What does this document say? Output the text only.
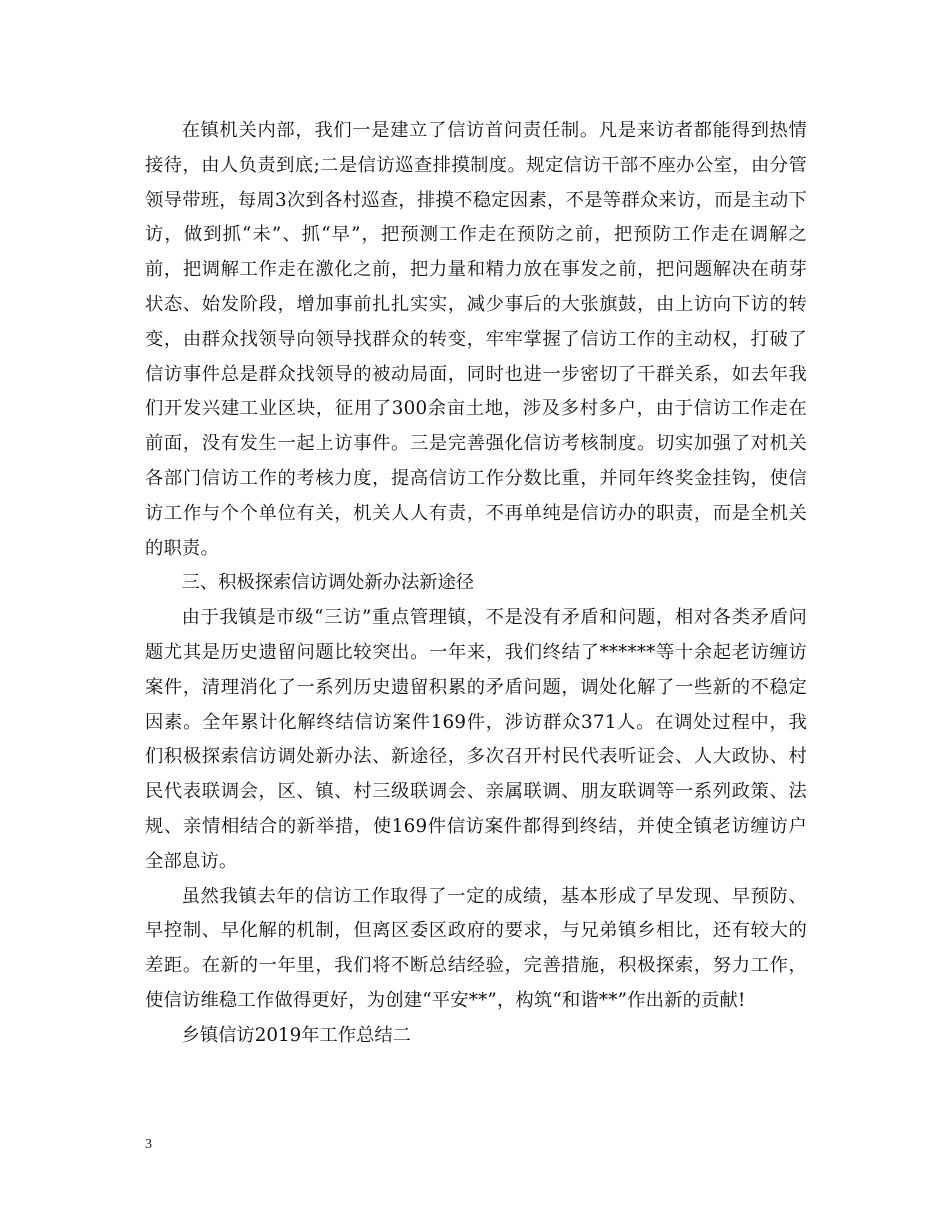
在镇机关内部，我们一是建立了信访首问责任制。凡是来访者都能得到热情接待，由人负责到底;二是信访巡查排摸制度。规定信访干部不座办公室，由分管领导带班，每周3次到各村巡查，排摸不稳定因素，不是等群众来访，而是主动下访，做到抓“未”、抓“早”，把预测工作走在预防之前，把预防工作走在调解之前，把调解工作走在激化之前，把力量和精力放在事发之前，把问题解决在萌芽状态、始发阶段，增加事前扎扎实实，减少事后的大张旗鼓，由上访向下访的转变，由群众找领导向领导找群众的转变，牢牢掌握了信访工作的主动权，打破了信访事件总是群众找领导的被动局面，同时也进一步密切了干群关系，如去年我们开发兴建工业区块，征用了300余亩土地，涉及多村多户，由于信访工作走在前面，没有发生一起上访事件。三是完善强化信访考核制度。切实加强了对机关各部门信访工作的考核力度，提高信访工作分数比重，并同年终奖金挂钩，使信访工作与个个单位有关，机关人人有责，不再单纯是信访办的职责，而是全机关的职责。

三、积极探索信访调处新办法新途径

由于我镇是市级“三访”重点管理镇，不是没有矛盾和问题，相对各类矛盾问题尤其是历史遗留问题比较突出。一年来，我们终结了******等十余起老访缠访案件，清理消化了一系列历史遗留积累的矛盾问题，调处化解了一些新的不稳定因素。全年累计化解终结信访案件169件，涉访群众371人。在调处过程中，我们积极探索信访调处新办法、新途径，多次召开村民代表听证会、人大政协、村民代表联调会，区、镇、村三级联调会、亲属联调、朋友联调等一系列政策、法规、亲情相结合的新举措，使169件信访案件都得到终结，并使全镇老访缠访户全部息访。

虽然我镇去年的信访工作取得了一定的成绩，基本形成了早发现、早预防、早控制、早化解的机制，但离区委区政府的要求，与兄弟镇乡相比，还有较大的差距。在新的一年里，我们将不断总结经验，完善措施，积极探索，努力工作，使信访维稳工作做得更好，为创建“平安**”，构筑“和谐**”作出新的贡献!

乡镇信访2019年工作总结二

3
